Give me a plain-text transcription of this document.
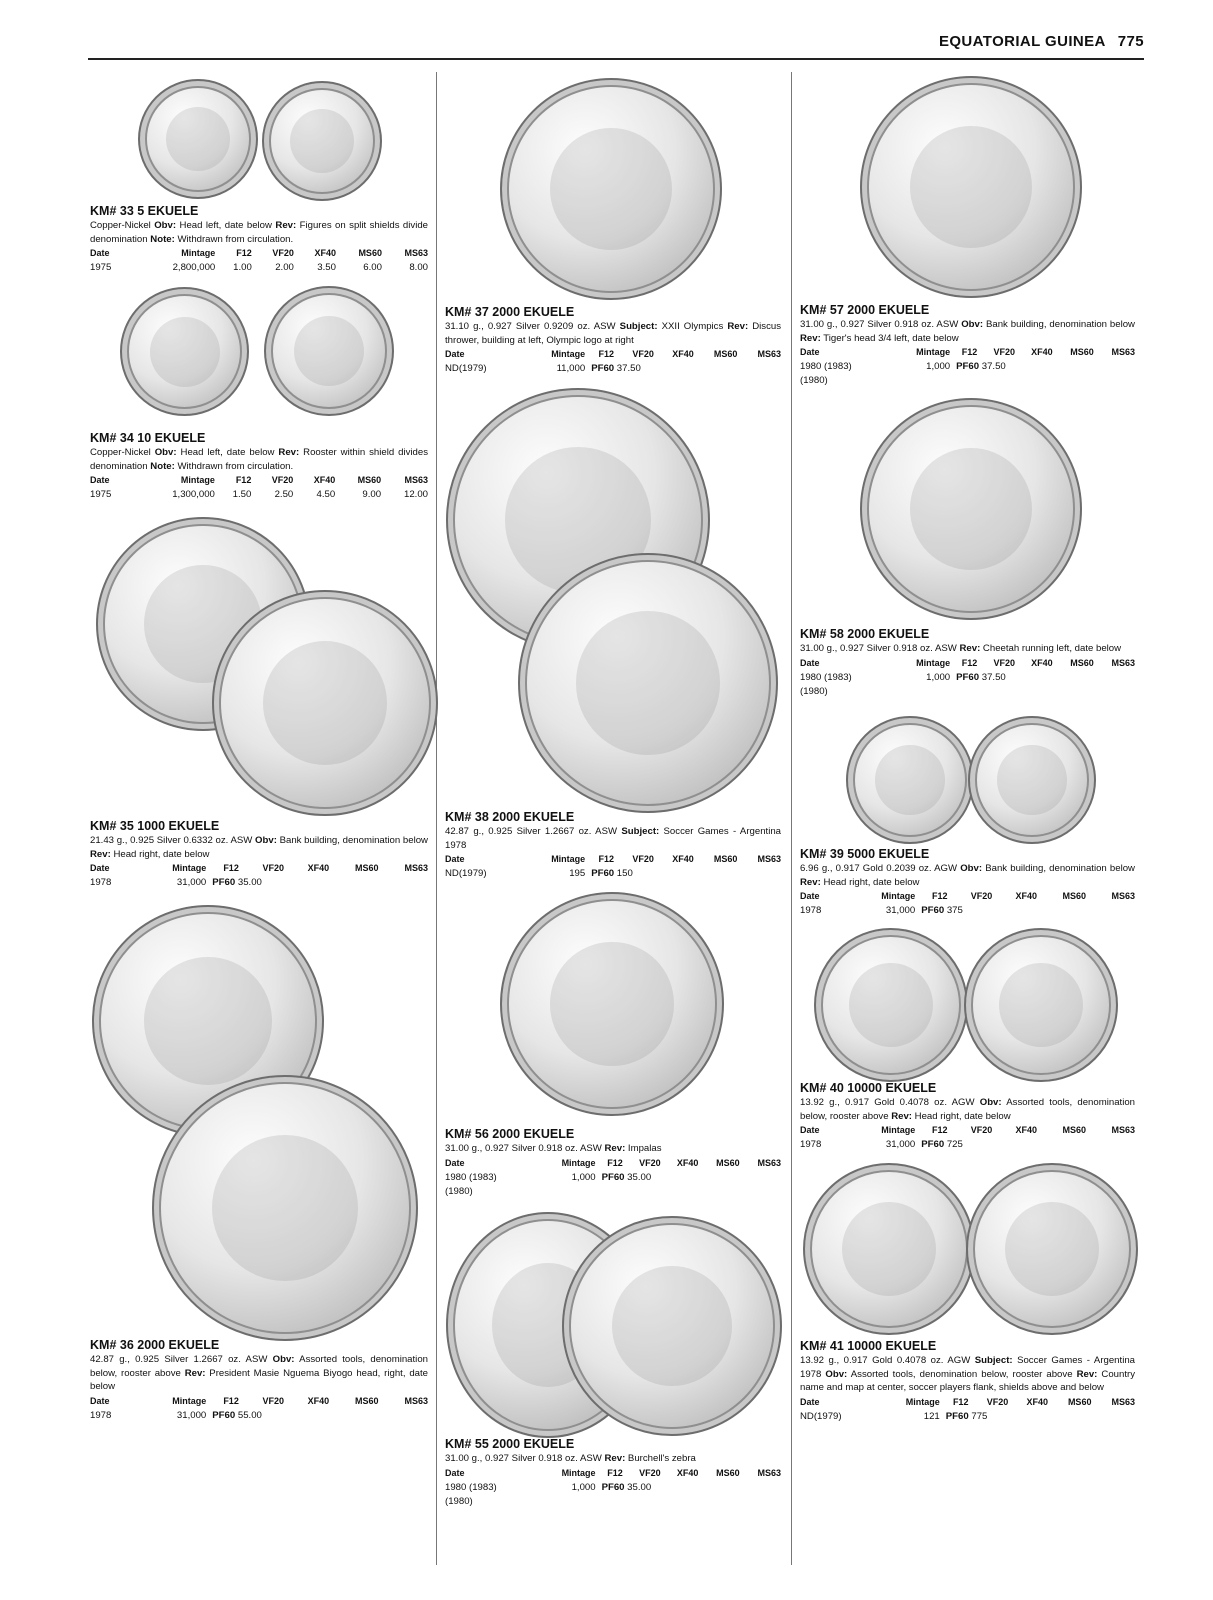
EQUATORIAL GUINEA 775
KM# 33 5 EKUELE
Copper-Nickel Obv: Head left, date below Rev: Figures on split shields divide denomination Note: Withdrawn from circulation.
Date	Mintage	F12	VF20	XF40	MS60	MS63
1975	2,800,000	1.00	2.00	3.50	6.00	8.00
KM# 34 10 EKUELE
Copper-Nickel Obv: Head left, date below Rev: Rooster within shield divides denomination Note: Withdrawn from circulation.
Date	Mintage	F12	VF20	XF40	MS60	MS63
1975	1,300,000	1.50	2.50	4.50	9.00	12.00
KM# 35 1000 EKUELE
21.43 g., 0.925 Silver 0.6332 oz. ASW Obv: Bank building, denomination below Rev: Head right, date below
Date	Mintage	F12	VF20	XF40	MS60	MS63
1978	31,000	PF60 35.00				
KM# 36 2000 EKUELE
42.87 g., 0.925 Silver 1.2667 oz. ASW Obv: Assorted tools, denomination below, rooster above Rev: President Masie Nguema Biyogo head, right, date below
Date	Mintage	F12	VF20	XF40	MS60	MS63
1978	31,000	PF60 55.00				
KM# 37 2000 EKUELE
31.10 g., 0.927 Silver 0.9209 oz. ASW Subject: XXII Olympics Rev: Discus thrower, building at left, Olympic logo at right
Date	Mintage	F12	VF20	XF40	MS60	MS63
ND(1979)	11,000	PF60 37.50				
KM# 38 2000 EKUELE
42.87 g., 0.925 Silver 1.2667 oz. ASW Subject: Soccer Games - Argentina 1978
Date	Mintage	F12	VF20	XF40	MS60	MS63
ND(1979)	195	PF60 150				
KM# 56 2000 EKUELE
31.00 g., 0.927 Silver 0.918 oz. ASW Rev: Impalas
Date	Mintage	F12	VF20	XF40	MS60	MS63
1980 (1983)	1,000	PF60 35.00				
(1980)						
KM# 55 2000 EKUELE
31.00 g., 0.927 Silver 0.918 oz. ASW Rev: Burchell's zebra
Date	Mintage	F12	VF20	XF40	MS60	MS63
1980 (1983)	1,000	PF60 35.00				
(1980)						
KM# 57 2000 EKUELE
31.00 g., 0.927 Silver 0.918 oz. ASW Obv: Bank building, denomination below Rev: Tiger's head 3/4 left, date below
Date	Mintage	F12	VF20	XF40	MS60	MS63
1980 (1983)	1,000	PF60 37.50				
(1980)						
KM# 58 2000 EKUELE
31.00 g., 0.927 Silver 0.918 oz. ASW Rev: Cheetah running left, date below
Date	Mintage	F12	VF20	XF40	MS60	MS63
1980 (1983)	1,000	PF60 37.50				
(1980)						
KM# 39 5000 EKUELE
6.96 g., 0.917 Gold 0.2039 oz. AGW Obv: Bank building, denomination below Rev: Head right, date below
Date	Mintage	F12	VF20	XF40	MS60	MS63
1978	31,000	PF60 375				
KM# 40 10000 EKUELE
13.92 g., 0.917 Gold 0.4078 oz. AGW Obv: Assorted tools, denomination below, rooster above Rev: Head right, date below
Date	Mintage	F12	VF20	XF40	MS60	MS63
1978	31,000	PF60 725				
KM# 41 10000 EKUELE
13.92 g., 0.917 Gold 0.4078 oz. AGW Subject: Soccer Games - Argentina 1978 Obv: Assorted tools, denomination below, rooster above Rev: Country name and map at center, soccer players flank, shields above and below
Date	Mintage	F12	VF20	XF40	MS60	MS63
ND(1979)	121	PF60 775				
